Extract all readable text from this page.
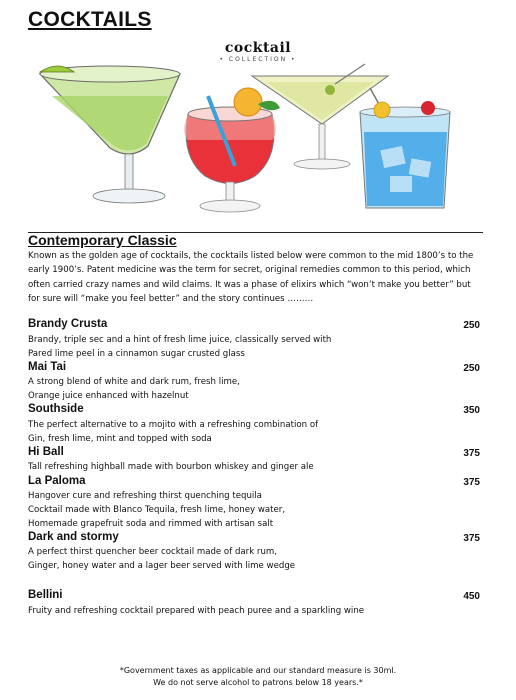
COCKTAILS
cocktail
• COLLECTION •
Contemporary Classic
Known as the golden age of cocktails, the cocktails listed below were common to the mid 1800’s to the early 1900’s. Patent medicine was the term for secret, original remedies common to this period, which often carried crazy names and wild claims. It was a phase of elixirs which “won’t make you better” but for sure will “make you feel better” and the story continues ………
Brandy Crusta	250
Brandy, triple sec and a hint of fresh lime juice, classically served with
Pared lime peel in a cinnamon sugar crusted glass
Mai Tai	250
A strong blend of white and dark rum, fresh lime,
Orange juice enhanced with hazelnut
Southside	350
The perfect alternative to a mojito with a refreshing combination of
Gin, fresh lime, mint and topped with soda
Hi Ball	375
Tall refreshing highball made with bourbon whiskey and ginger ale
La Paloma	375
Hangover cure and refreshing thirst quenching tequila
Cocktail made with Blanco Tequila, fresh lime, honey water,
Homemade grapefruit soda and rimmed with artisan salt
Dark and stormy	375
A perfect thirst quencher beer cocktail made of dark rum,
Ginger, honey water and a lager beer served with lime wedge
Bellini	450
Fruity and refreshing cocktail prepared with peach puree and a sparkling wine
*Government taxes as applicable and our standard measure is 30ml.
We do not serve alcohol to patrons below 18 years.*
